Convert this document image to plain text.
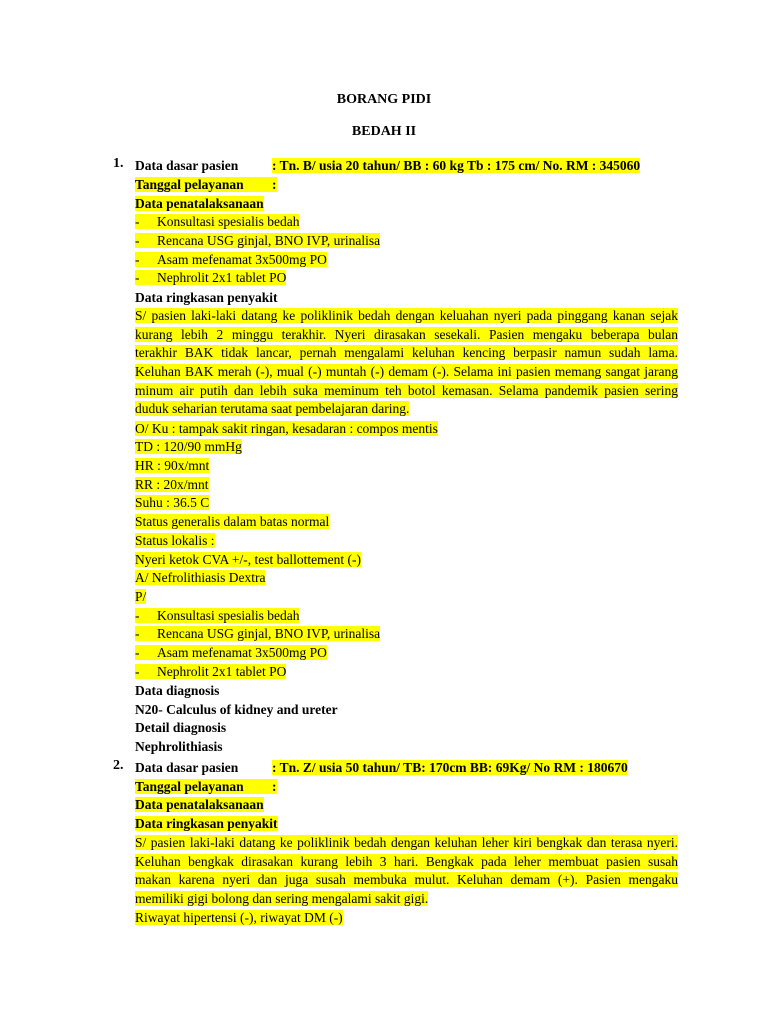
BORANG PIDI
BEDAH II
1. Data dasar pasien : Tn. B/ usia 20 tahun/ BB : 60 kg Tb : 175 cm/ No. RM : 345060
Tanggal pelayanan :
Data penatalaksanaan
- Konsultasi spesialis bedah
- Rencana USG ginjal, BNO IVP, urinalisa
- Asam mefenamat 3x500mg PO
- Nephrolit 2x1 tablet PO
Data ringkasan penyakit
S/ pasien laki-laki datang ke poliklinik bedah dengan keluahan nyeri pada pinggang kanan sejak
kurang lebih 2 minggu terakhir. Nyeri dirasakan sesekali. Pasien mengaku beberapa bulan
terakhir BAK tidak lancar, pernah mengalami keluhan kencing berpasir namun sudah lama.
Keluhan BAK merah (-), mual (-) muntah (-) demam (-). Selama ini pasien memang sangat jarang
minum air putih dan lebih suka meminum teh botol kemasan. Selama pandemik pasien sering
duduk seharian terutama saat pembelajaran daring.
O/ Ku : tampak sakit ringan, kesadaran : compos mentis
TD : 120/90 mmHg
HR : 90x/mnt
RR : 20x/mnt
Suhu : 36.5 C
Status generalis dalam batas normal
Status lokalis :
Nyeri ketok CVA +/-, test ballottement (-)
A/ Nefrolithiasis Dextra
P/
- Konsultasi spesialis bedah
- Rencana USG ginjal, BNO IVP, urinalisa
- Asam mefenamat 3x500mg PO
- Nephrolit 2x1 tablet PO
Data diagnosis
N20- Calculus of kidney and ureter
Detail diagnosis
Nephrolithiasis
2. Data dasar pasien : Tn. Z/ usia 50 tahun/ TB: 170cm BB: 69Kg/ No RM : 180670
Tanggal pelayanan :
Data penatalaksanaan
Data ringkasan penyakit
S/ pasien laki-laki datang ke poliklinik bedah dengan keluhan leher kiri bengkak dan terasa nyeri.
Keluhan bengkak dirasakan kurang lebih 3 hari. Bengkak pada leher membuat pasien susah
makan karena nyeri dan juga susah membuka mulut. Keluhan demam (+). Pasien mengaku
memiliki gigi bolong dan sering mengalami sakit gigi.
Riwayat hipertensi (-), riwayat DM (-)
